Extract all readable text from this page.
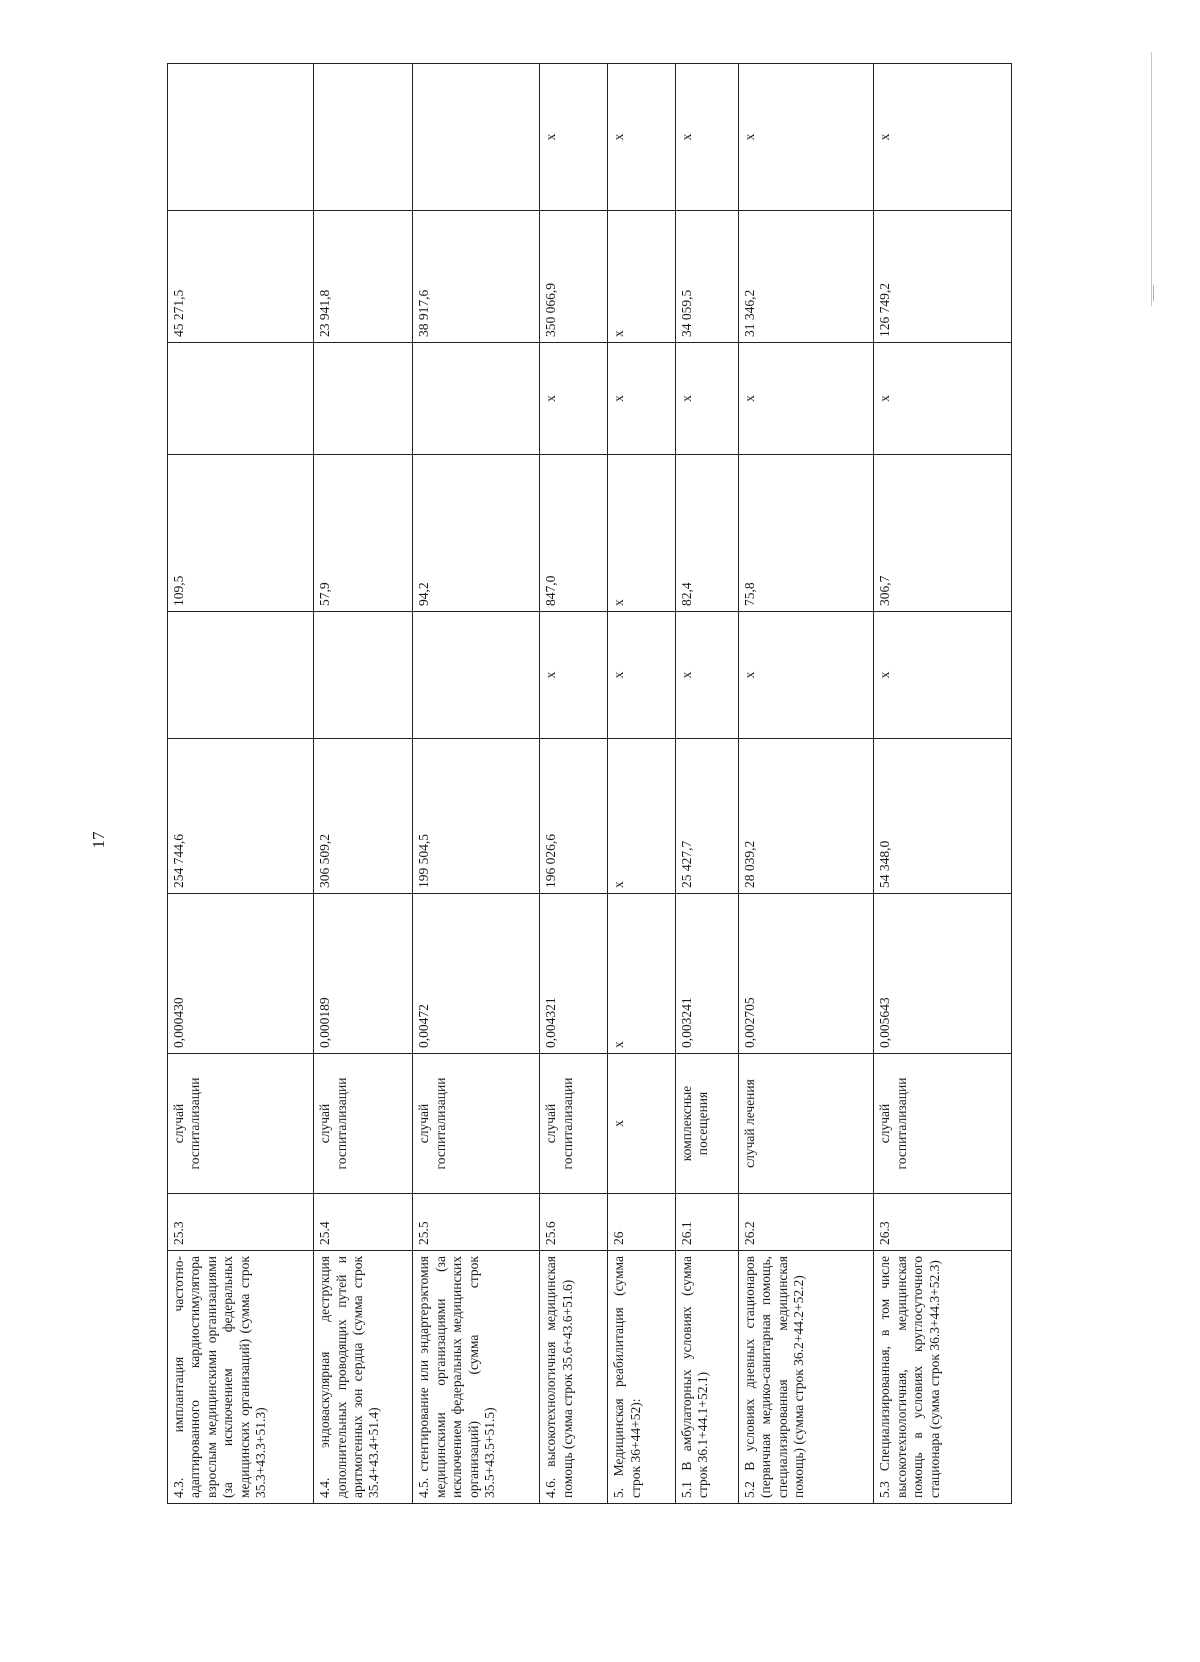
17
4.3. имплантация частотно-адаптированного кардиостимулятора взрослым медицинскими организациями (за исключением федеральных медицинских организаций) (сумма строк 35.3+43.3+51.3)	25.3	случай госпитализации	0,000430	254 744,6		109,5		45 271,5	
4.4. эндоваскулярная деструкция дополнительных проводящих путей и аритмогенных зон сердца (сумма строк 35.4+43.4+51.4)	25.4	случай госпитализации	0,000189	306 509,2		57,9		23 941,8	
4.5. стентирование или эндартерэктомия медицинскими организациями (за исключением федеральных медицинских организаций) (сумма строк 35.5+43.5+51.5)	25.5	случай госпитализации	0,00472	199 504,5		94,2		38 917,6	
4.6. высокотехнологичная медицинская помощь (сумма строк 35.6+43.6+51.6)	25.6	случай госпитализации	0,004321	196 026,6	х	847,0	х	350 066,9	х
5. Медицинская реабилитация (сумма строк 36+44+52):	26	х	х	х	х	х	х	х	х
5.1 В амбулаторных условиях (сумма строк 36.1+44.1+52.1)	26.1	комплексные посещения	0,003241	25 427,7	х	82,4	х	34 059,5	х
5.2 В условиях дневных стационаров (первичная медико-санитарная помощь, специализированная медицинская помощь) (сумма строк 36.2+44.2+52.2)	26.2	случай лечения	0,002705	28 039,2	х	75,8	х	31 346,2	х
5.3 Специализированная, в том числе высокотехнологичная, медицинская помощь в условиях круглосуточного стационара (сумма строк 36.3+44.3+52.3)	26.3	случай госпитализации	0,005643	54 348,0	х	306,7	х	126 749,2	х
